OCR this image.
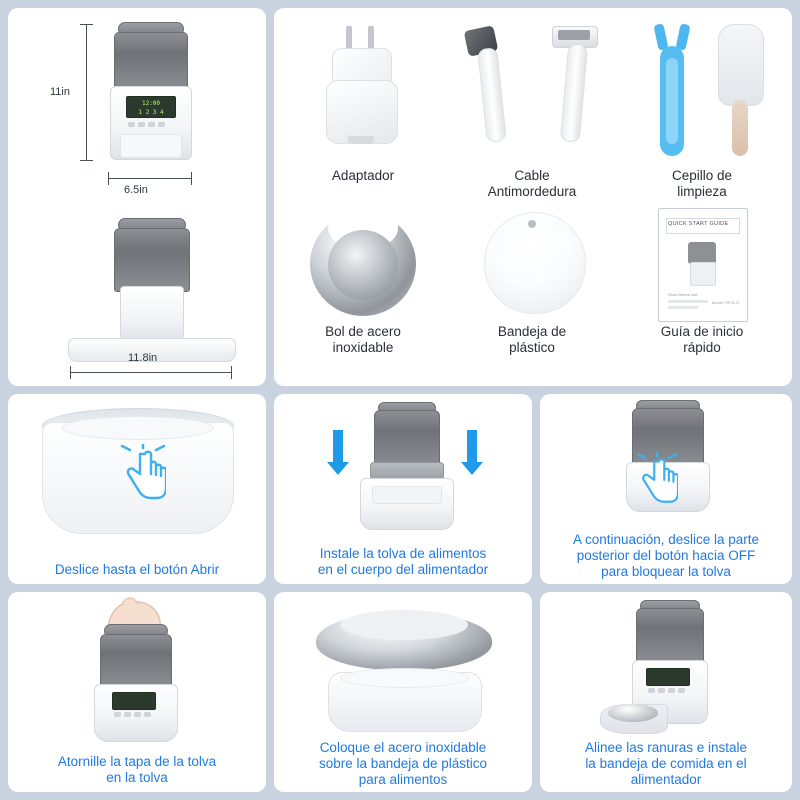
12:00
1 2 3 4
11in
6.5in
11.8in
Adaptador	Cable
Antimordedura
Cepillo de
limpieza
Bol de acero
inoxidable
Bandeja de
plástico
QUICK START GUIDE
Read before use
Model: RF01-D
Guía de inicio
rápido
Deslice hasta el botón Abrir
Instale la tolva de alimentos
en el cuerpo del alimentador
A continuación, deslice la parte
posterior del botón hacia OFF
para bloquear la tolva
Atornille la tapa de la tolva
en la tolva
Coloque el acero inoxidable
sobre la bandeja de plástico
para alimentos
Alinee las ranuras e instale
la bandeja de comida en el
alimentador
